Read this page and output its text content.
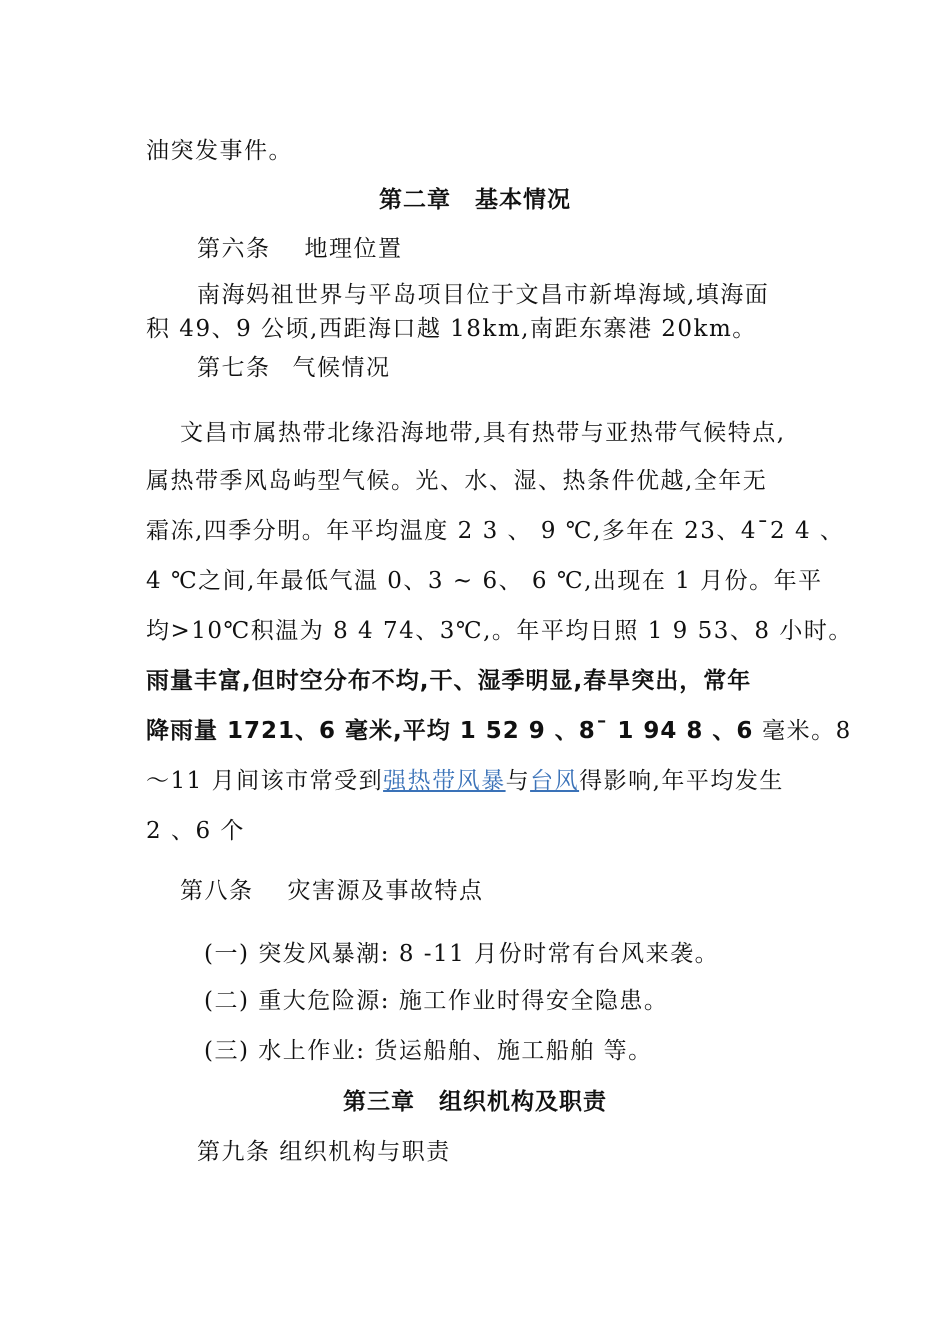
油突发事件。
第二章　基本情况
第六条 地理位置
南海妈祖世界与平岛项目位于文昌市新埠海域,填海面
积 49、9 公顷,西距海口越 18km,南距东寨港 20km。
第七条 气候情况
文昌市属热带北缘沿海地带,具有热带与亚热带气候特点,
属热带季风岛屿型气候。光、水、湿、热条件优越,全年无
霜冻,四季分明。年平均温度 2 3 、 9 ℃,多年在 23、4¯2 4 、
4 ℃之间,年最低气温 0、3 ~ 6、 6 ℃,出现在 1 月份。年平
均>10℃积温为 8 4 74、3℃,。年平均日照 1 9 53、8 小时。
雨量丰富,但时空分布不均,干、湿季明显,春旱突出，常年
降雨量 1721、6 毫米,平均 1 52 9 、8¯ 1 94 8 、6 毫米。8
～11 月间该市常受到强热带风暴与台风得影响,年平均发生
2 、6 个
第八条 灾害源及事故特点
(一) 突发风暴潮: 8 -11 月份时常有台风来袭。
(二) 重大危险源: 施工作业时得安全隐患。
(三) 水上作业: 货运船舶、施工船舶 等。
第三章　组织机构及职责
第九条 组织机构与职责
